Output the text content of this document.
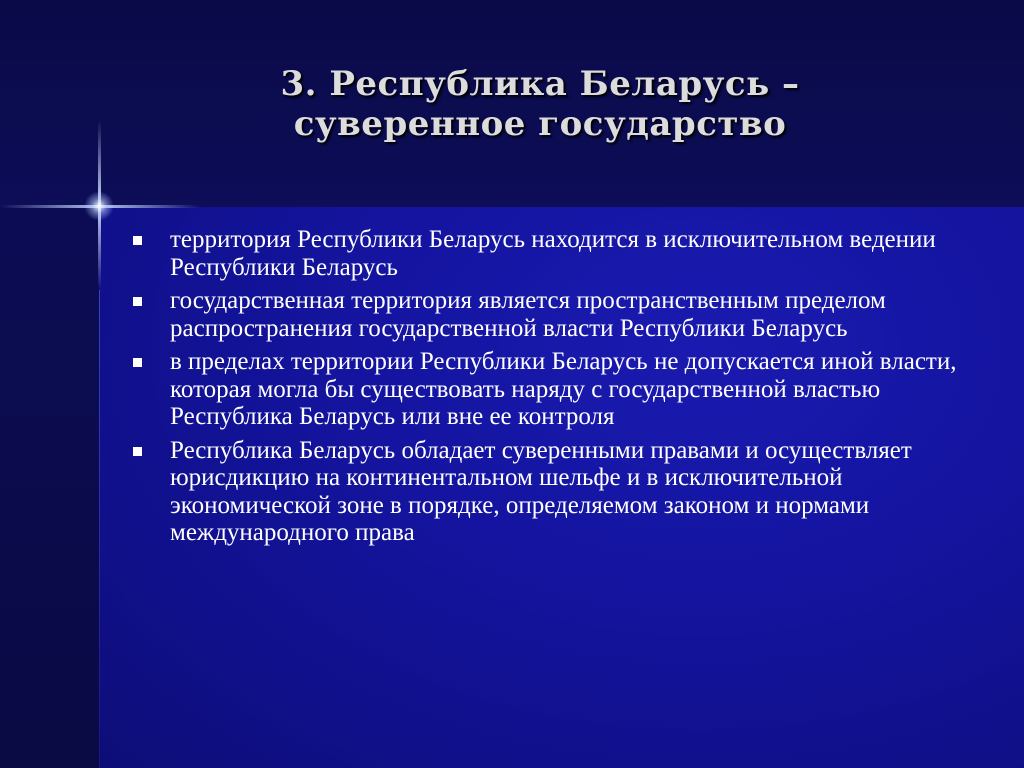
3. Республика Беларусь –
суверенное государство
территория Республики Беларусь находится в исключительном ведении Республики Беларусь
государственная территория является пространственным пределом распространения государственной власти Республики Беларусь
в пределах территории Республики Беларусь не допускается иной власти, которая могла бы существовать наряду с государственной властью Республика Беларусь или вне ее контроля
Республика Беларусь обладает суверенными правами и осуществляет юрисдикцию на континентальном шельфе и в исключительной экономической зоне в порядке, определяемом законом и нормами международного права
